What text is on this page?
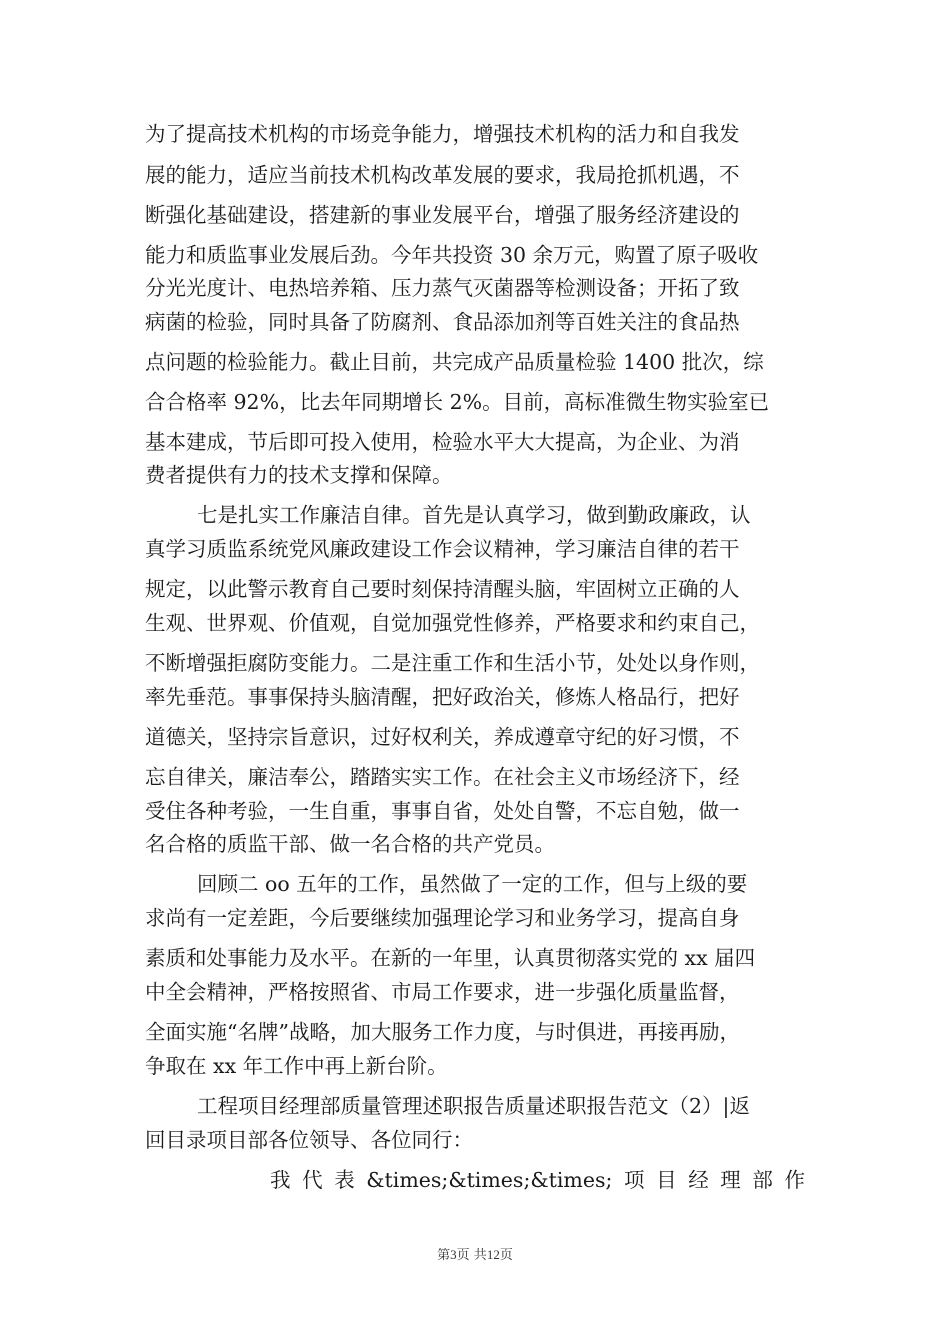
为了提高技术机构的市场竞争能力，增强技术机构的活力和自我发
展的能力，适应当前技术机构改革发展的要求，我局抢抓机遇，不
断强化基础建设，搭建新的事业发展平台，增强了服务经济建设的
能力和质监事业发展后劲。今年共投资 30 余万元，购置了原子吸收
分光光度计、电热培养箱、压力蒸气灭菌器等检测设备；开拓了致
病菌的检验，同时具备了防腐剂、食品添加剂等百姓关注的食品热
点问题的检验能力。截止目前，共完成产品质量检验 1400 批次，综
合合格率 92%，比去年同期增长 2%。目前，高标准微生物实验室已
基本建成，节后即可投入使用，检验水平大大提高，为企业、为消
费者提供有力的技术支撑和保障。
七是扎实工作廉洁自律。首先是认真学习，做到勤政廉政，认
真学习质监系统党风廉政建设工作会议精神，学习廉洁自律的若干
规定，以此警示教育自己要时刻保持清醒头脑，牢固树立正确的人
生观、世界观、价值观，自觉加强党性修养，严格要求和约束自己，
不断增强拒腐防变能力。二是注重工作和生活小节，处处以身作则，
率先垂范。事事保持头脑清醒，把好政治关，修炼人格品行，把好
道德关，坚持宗旨意识，过好权利关，养成遵章守纪的好习惯，不
忘自律关，廉洁奉公，踏踏实实工作。在社会主义市场经济下，经
受住各种考验，一生自重，事事自省，处处自警，不忘自勉，做一
名合格的质监干部、做一名合格的共产党员。
回顾二 oo 五年的工作，虽然做了一定的工作，但与上级的要
求尚有一定差距，今后要继续加强理论学习和业务学习，提高自身
素质和处事能力及水平。在新的一年里，认真贯彻落实党的 xx 届四
中全会精神，严格按照省、市局工作要求，进一步强化质量监督，
全面实施“名牌”战略，加大服务工作力度，与时俱进，再接再励，
争取在 xx 年工作中再上新台阶。
工程项目经理部质量管理述职报告质量述职报告范文（2）|返
回目录项目部各位领导、各位同行：
我 代 表 &times;&times;&times; 项 目 经 理 部 作
第3页 共12页
